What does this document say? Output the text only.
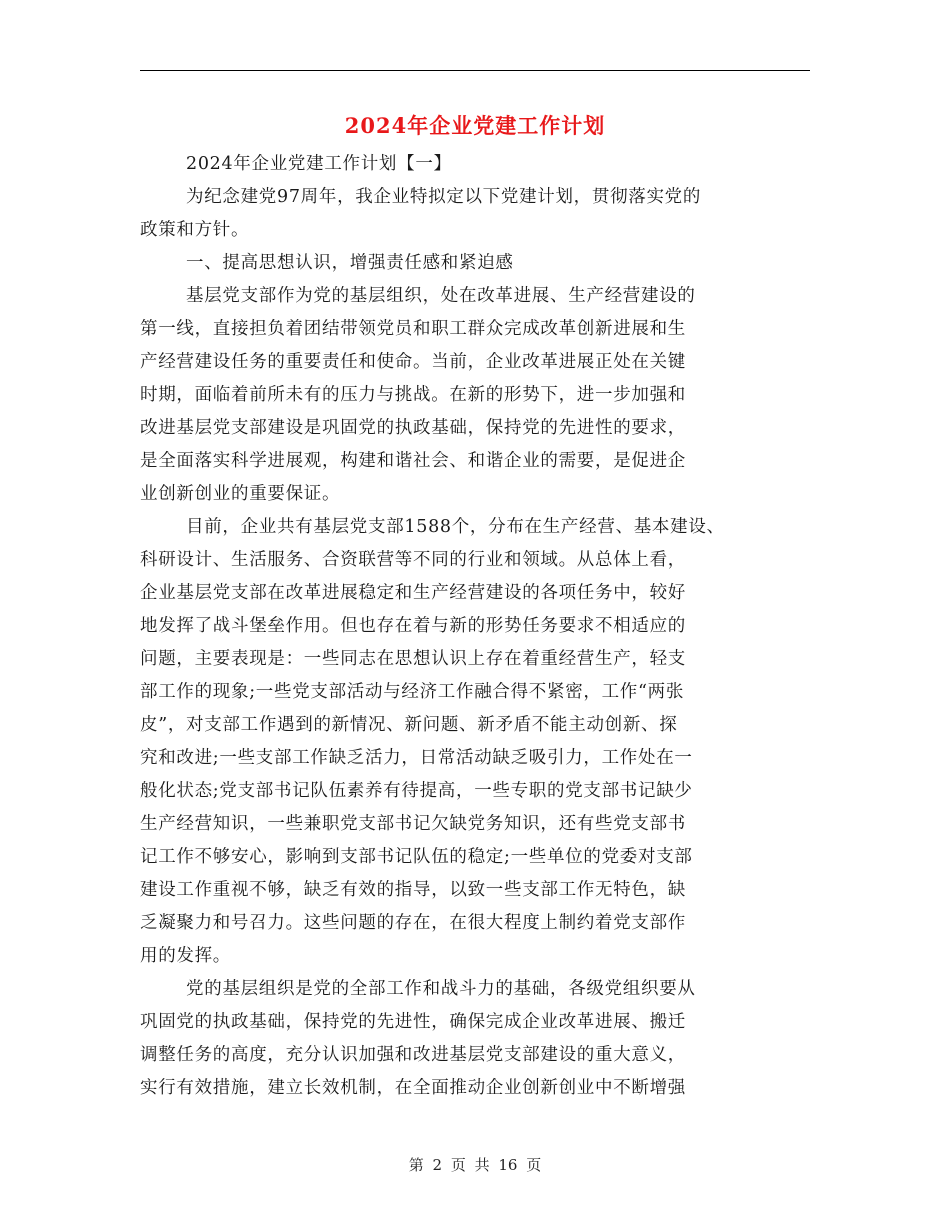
2024年企业党建工作计划
2024年企业党建工作计划【一】
为纪念建党97周年，我企业特拟定以下党建计划，贯彻落实党的
政策和方针。
一、提高思想认识，增强责任感和紧迫感
基层党支部作为党的基层组织，处在改革进展、生产经营建设的
第一线，直接担负着团结带领党员和职工群众完成改革创新进展和生
产经营建设任务的重要责任和使命。当前，企业改革进展正处在关键
时期，面临着前所未有的压力与挑战。在新的形势下，进一步加强和
改进基层党支部建设是巩固党的执政基础，保持党的先进性的要求，
是全面落实科学进展观，构建和谐社会、和谐企业的需要，是促进企
业创新创业的重要保证。
目前，企业共有基层党支部1588个，分布在生产经营、基本建设、
科研设计、生活服务、合资联营等不同的行业和领域。从总体上看，
企业基层党支部在改革进展稳定和生产经营建设的各项任务中，较好
地发挥了战斗堡垒作用。但也存在着与新的形势任务要求不相适应的
问题，主要表现是：一些同志在思想认识上存在着重经营生产，轻支
部工作的现象;一些党支部活动与经济工作融合得不紧密，工作“两张
皮”，对支部工作遇到的新情况、新问题、新矛盾不能主动创新、探
究和改进;一些支部工作缺乏活力，日常活动缺乏吸引力，工作处在一
般化状态;党支部书记队伍素养有待提高，一些专职的党支部书记缺少
生产经营知识，一些兼职党支部书记欠缺党务知识，还有些党支部书
记工作不够安心，影响到支部书记队伍的稳定;一些单位的党委对支部
建设工作重视不够，缺乏有效的指导，以致一些支部工作无特色，缺
乏凝聚力和号召力。这些问题的存在，在很大程度上制约着党支部作
用的发挥。
党的基层组织是党的全部工作和战斗力的基础，各级党组织要从
巩固党的执政基础，保持党的先进性，确保完成企业改革进展、搬迁
调整任务的高度，充分认识加强和改进基层党支部建设的重大意义，
实行有效措施，建立长效机制，在全面推动企业创新创业中不断增强
第 2 页 共 16 页
